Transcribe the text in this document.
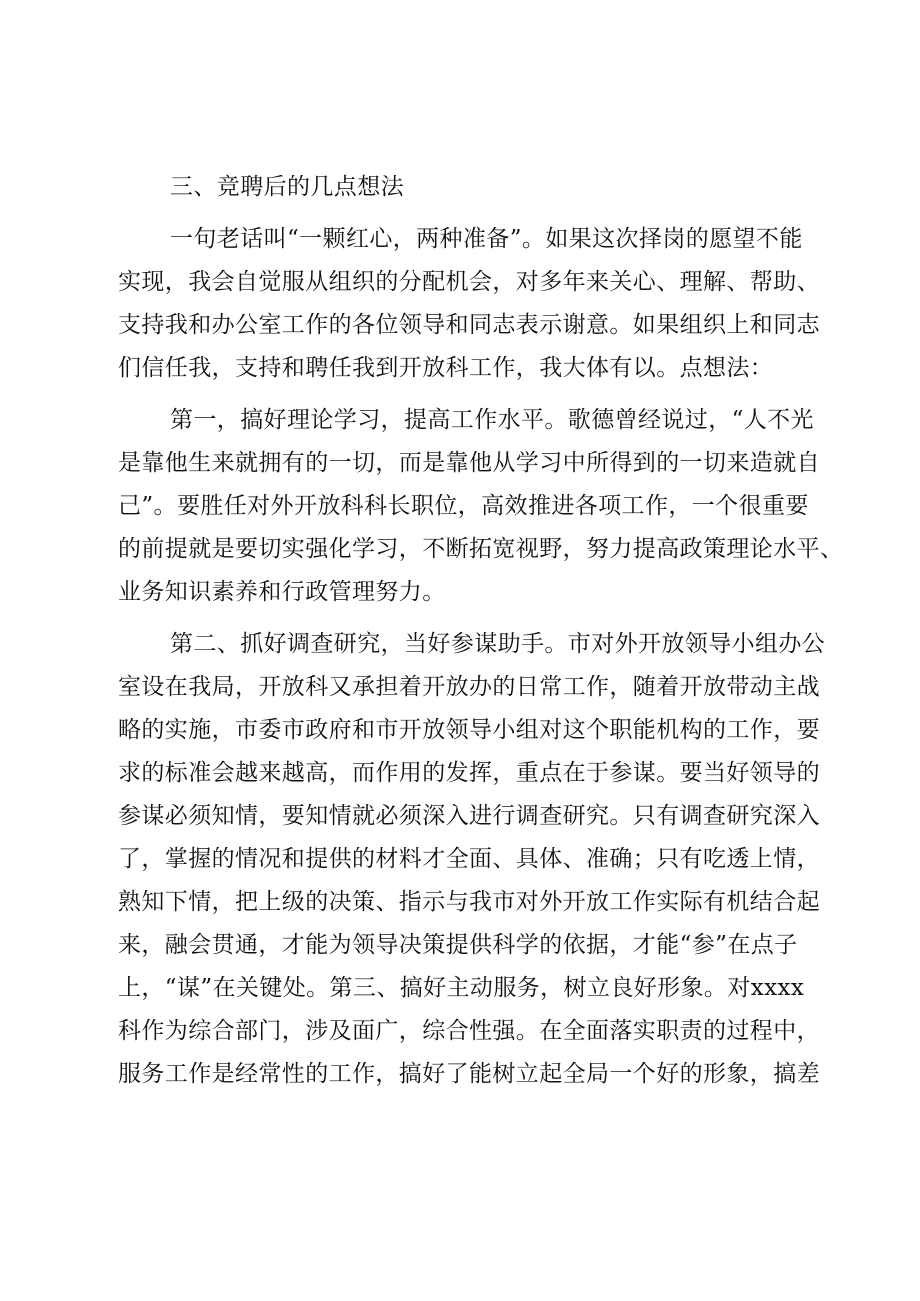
三、竞聘后的几点想法
一句老话叫“一颗红心，两种准备”。如果这次择岗的愿望不能
实现，我会自觉服从组织的分配机会，对多年来关心、理解、帮助、
支持我和办公室工作的各位领导和同志表示谢意。如果组织上和同志
们信任我，支持和聘任我到开放科工作，我大体有以。点想法：
第一，搞好理论学习，提高工作水平。歌德曾经说过，“人不光
是靠他生来就拥有的一切，而是靠他从学习中所得到的一切来造就自
己”。要胜任对外开放科科长职位，高效推进各项工作，一个很重要
的前提就是要切实强化学习，不断拓宽视野，努力提高政策理论水平、
业务知识素养和行政管理努力。
第二、抓好调查研究，当好参谋助手。市对外开放领导小组办公
室设在我局，开放科又承担着开放办的日常工作，随着开放带动主战
略的实施，市委市政府和市开放领导小组对这个职能机构的工作，要
求的标准会越来越高，而作用的发挥，重点在于参谋。要当好领导的
参谋必须知情，要知情就必须深入进行调查研究。只有调查研究深入
了，掌握的情况和提供的材料才全面、具体、准确；只有吃透上情，
熟知下情，把上级的决策、指示与我市对外开放工作实际有机结合起
来，融会贯通，才能为领导决策提供科学的依据，才能“参”在点子
上，“谋”在关键处。第三、搞好主动服务，树立良好形象。对xxxx
科作为综合部门，涉及面广，综合性强。在全面落实职责的过程中，
服务工作是经常性的工作，搞好了能树立起全局一个好的形象，搞差
